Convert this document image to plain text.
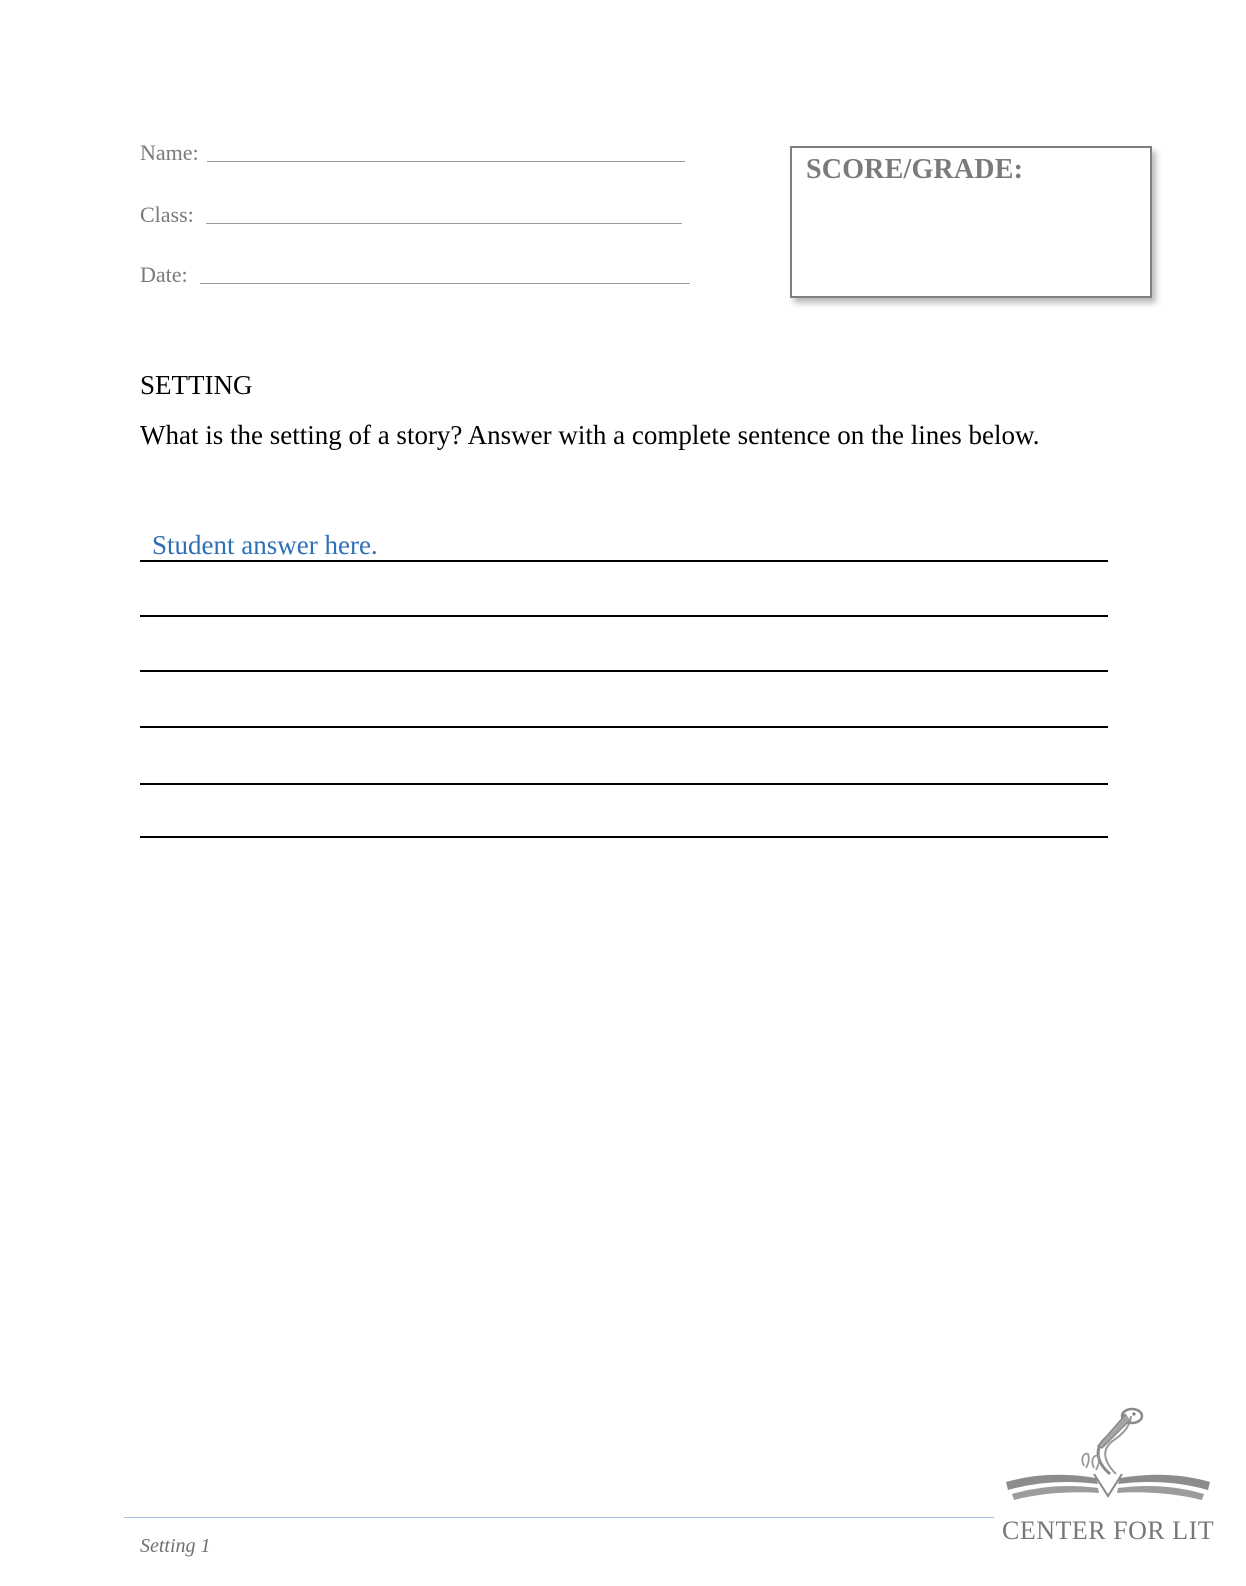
Name:
Class:
Date:
SCORE/GRADE:
SETTING
What is the setting of a story? Answer with a complete sentence on the lines below.
Student answer here.
Setting 1
CENTER FOR LIT
